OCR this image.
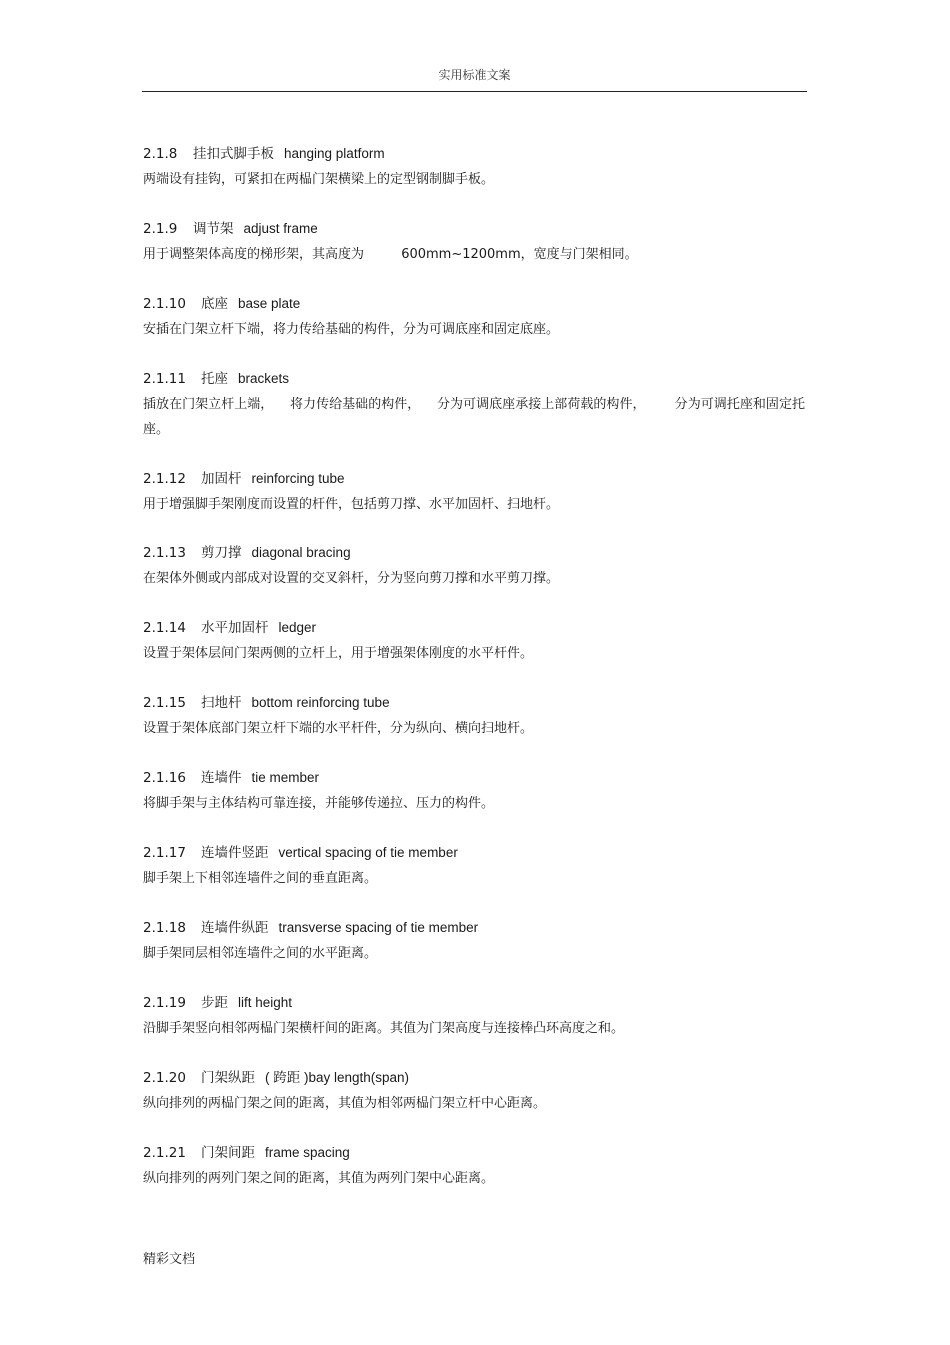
实用标准文案
2.1.8 挂扣式脚手板 hanging platform
两端设有挂钩，可紧扣在两榀门架横梁上的定型钢制脚手板。
2.1.9 调节架 adjust frame
用于调整架体高度的梯形架，其高度为         600mm~1200mm，宽度与门架相同。
2.1.10 底座 base plate
安插在门架立杆下端，将力传给基础的构件，分为可调底座和固定底座。
2.1.11 托座 brackets
插放在门架立杆上端，    将力传给基础的构件，    分为可调底座承接上部荷载的构件，       分为可调托座和固定托座。
2.1.12 加固杆 reinforcing tube
用于增强脚手架刚度而设置的杆件，包括剪刀撑、水平加固杆、扫地杆。
2.1.13 剪刀撑 diagonal bracing
在架体外侧或内部成对设置的交叉斜杆，分为竖向剪刀撑和水平剪刀撑。
2.1.14 水平加固杆 ledger
设置于架体层间门架两侧的立杆上，用于增强架体刚度的水平杆件。
2.1.15 扫地杆 bottom reinforcing tube
设置于架体底部门架立杆下端的水平杆件，分为纵向、横向扫地杆。
2.1.16 连墙件 tie member
将脚手架与主体结构可靠连接，并能够传递拉、压力的构件。
2.1.17 连墙件竖距 vertical spacing of tie member
脚手架上下相邻连墙件之间的垂直距离。
2.1.18 连墙件纵距 transverse spacing of tie member
脚手架同层相邻连墙件之间的水平距离。
2.1.19 步距 lift height
沿脚手架竖向相邻两榀门架横杆间的距离。其值为门架高度与连接棒凸环高度之和。
2.1.20 门架纵距 ( 跨距 )bay length(span)
纵向排列的两榀门架之间的距离，其值为相邻两榀门架立杆中心距离。
2.1.21 门架间距 frame spacing
纵向排列的两列门架之间的距离，其值为两列门架中心距离。
精彩文档
